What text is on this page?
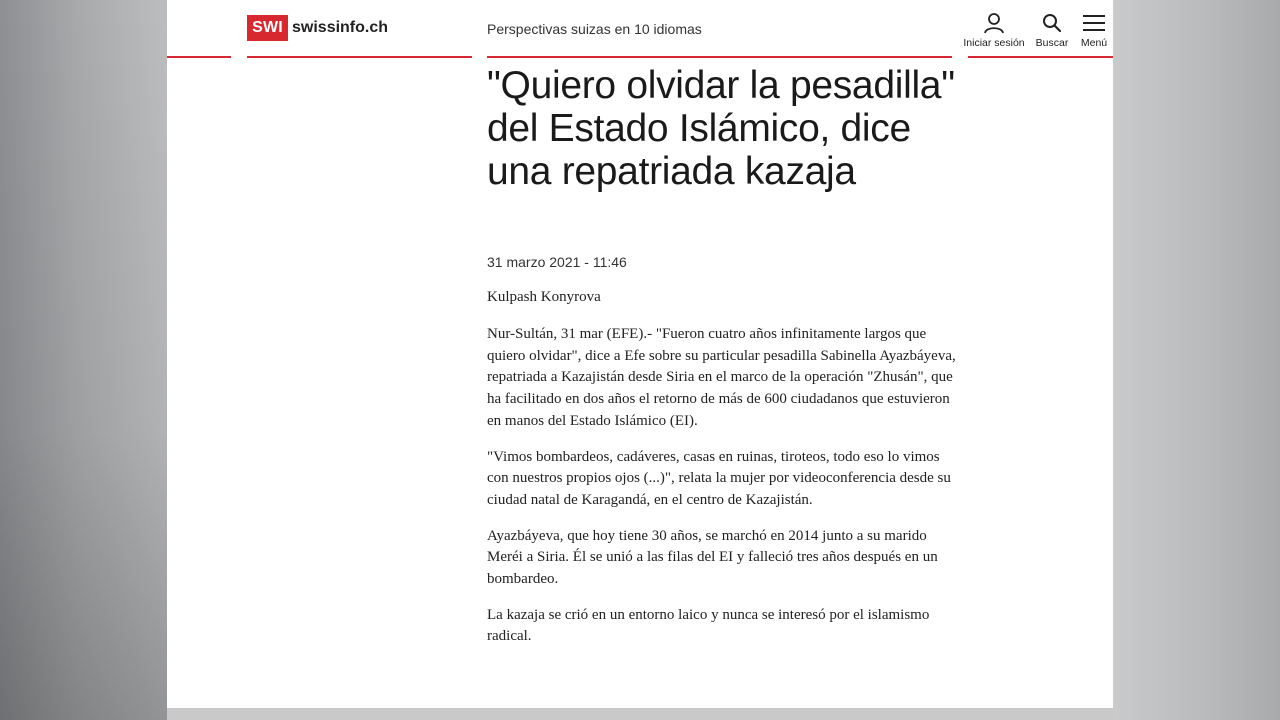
SWI swissinfo.ch	Perspectivas suizas en 10 idiomas
Iniciar sesión Buscar Menú
"Quiero olvidar la pesadilla" del Estado Islámico, dice una repatriada kazaja
31 marzo 2021 - 11:46
Kulpash Konyrova

Nur-Sultán, 31 mar (EFE).- "Fueron cuatro años infinitamente largos que quiero olvidar", dice a Efe sobre su particular pesadilla Sabinella Ayazbáyeva, repatriada a Kazajistán desde Siria en el marco de la operación "Zhusán", que ha facilitado en dos años el retorno de más de 600 ciudadanos que estuvieron en manos del Estado Islámico (EI).

"Vimos bombardeos, cadáveres, casas en ruinas, tiroteos, todo eso lo vimos con nuestros propios ojos (...)", relata la mujer por videoconferencia desde su ciudad natal de Karagandá, en el centro de Kazajistán.

Ayazbáyeva, que hoy tiene 30 años, se marchó en 2014 junto a su marido Meréi a Siria. Él se unió a las filas del EI y falleció tres años después en un bombardeo.

La kazaja se crió en un entorno laico y nunca se interesó por el islamismo radical.
